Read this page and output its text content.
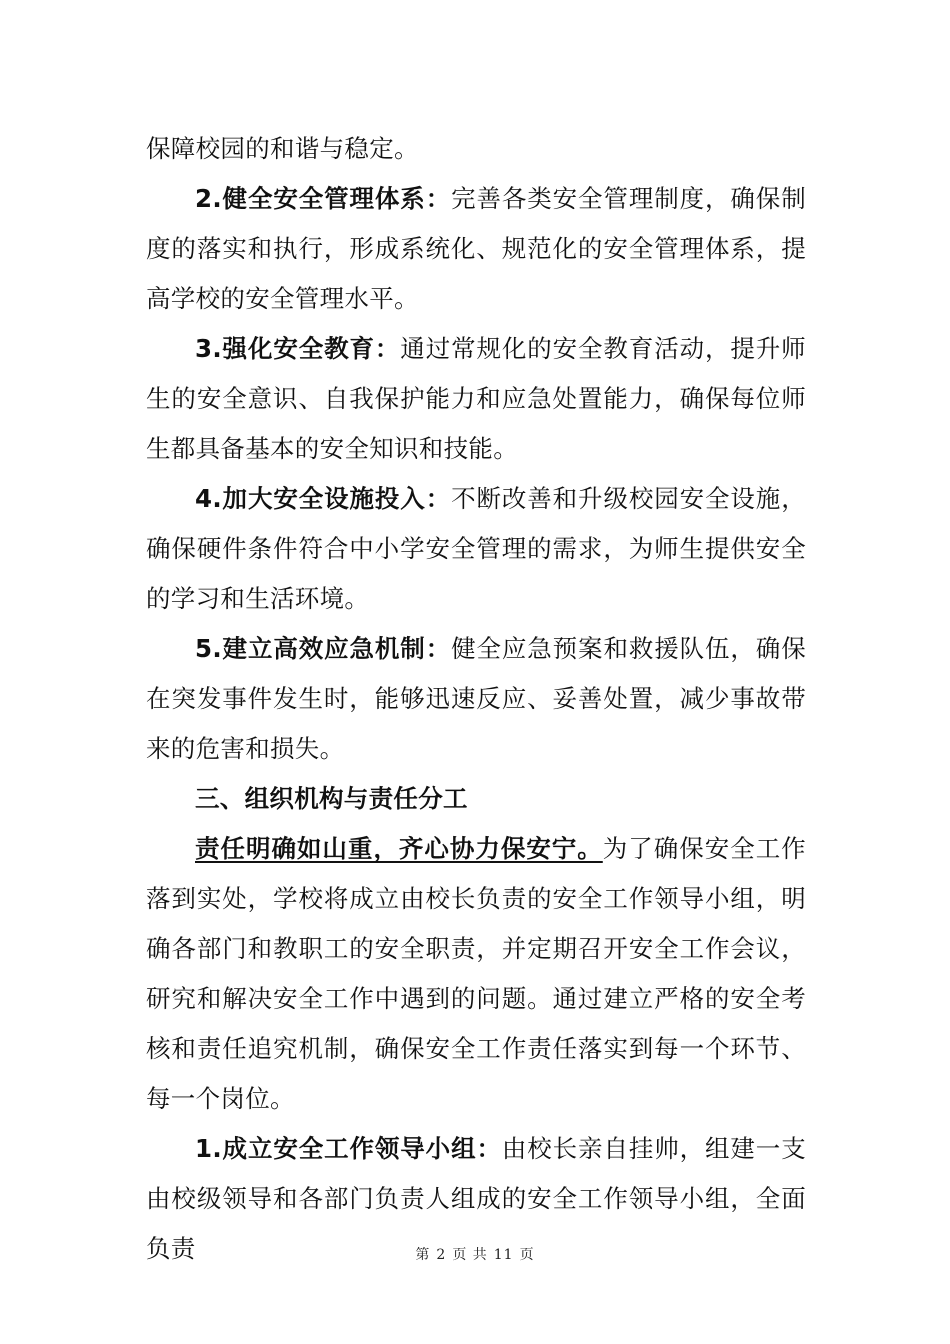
保障校园的和谐与稳定。
2.健全安全管理体系：完善各类安全管理制度，确保制度的落实和执行，形成系统化、规范化的安全管理体系，提高学校的安全管理水平。
3.强化安全教育：通过常规化的安全教育活动，提升师生的安全意识、自我保护能力和应急处置能力，确保每位师生都具备基本的安全知识和技能。
4.加大安全设施投入：不断改善和升级校园安全设施，确保硬件条件符合中小学安全管理的需求，为师生提供安全的学习和生活环境。
5.建立高效应急机制：健全应急预案和救援队伍，确保在突发事件发生时，能够迅速反应、妥善处置，减少事故带来的危害和损失。
三、组织机构与责任分工
责任明确如山重，齐心协力保安宁。为了确保安全工作落到实处，学校将成立由校长负责的安全工作领导小组，明确各部门和教职工的安全职责，并定期召开安全工作会议，研究和解决安全工作中遇到的问题。通过建立严格的安全考核和责任追究机制，确保安全工作责任落实到每一个环节、每一个岗位。
1.成立安全工作领导小组：由校长亲自挂帅，组建一支由校级领导和各部门负责人组成的安全工作领导小组，全面负责	第 2 页 共 11 页
